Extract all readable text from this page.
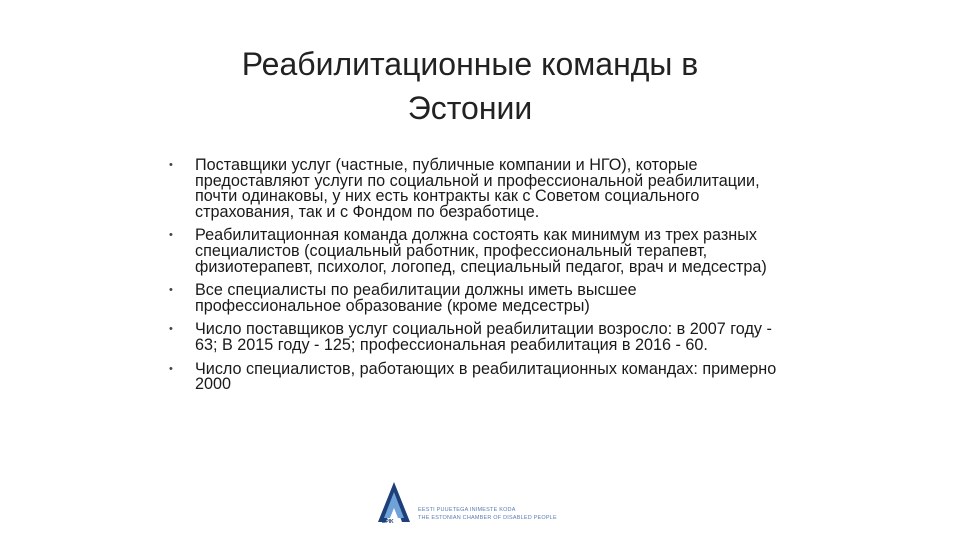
Реабилитационные команды в
Эстонии
• Поставщики услуг (частные, публичные компании и НГО), которые предоставляют услуги по социальной и профессиональной реабилитации, почти одинаковы, у них есть контракты как с Советом социального страхования, так и с Фондом по безработице.
• Реабилитационная команда должна состоять как минимум из трех разных специалистов (социальный работник, профессиональный терапевт, физиотерапевт, психолог, логопед, специальный педагог, врач и медсестра)
• Все специалисты по реабилитации должны иметь высшее профессиональное образование (кроме медсестры)
• Число поставщиков услуг социальной реабилитации возросло: в 2007 году - 63; В 2015 году - 125; профессиональная реабилитация в 2016 - 60.
• Число специалистов, работающих в реабилитационных командах: примерно 2000
EPIK
EESTI PUUETEGA INIMESTE KODA
THE ESTONIAN CHAMBER OF DISABLED PEOPLE
